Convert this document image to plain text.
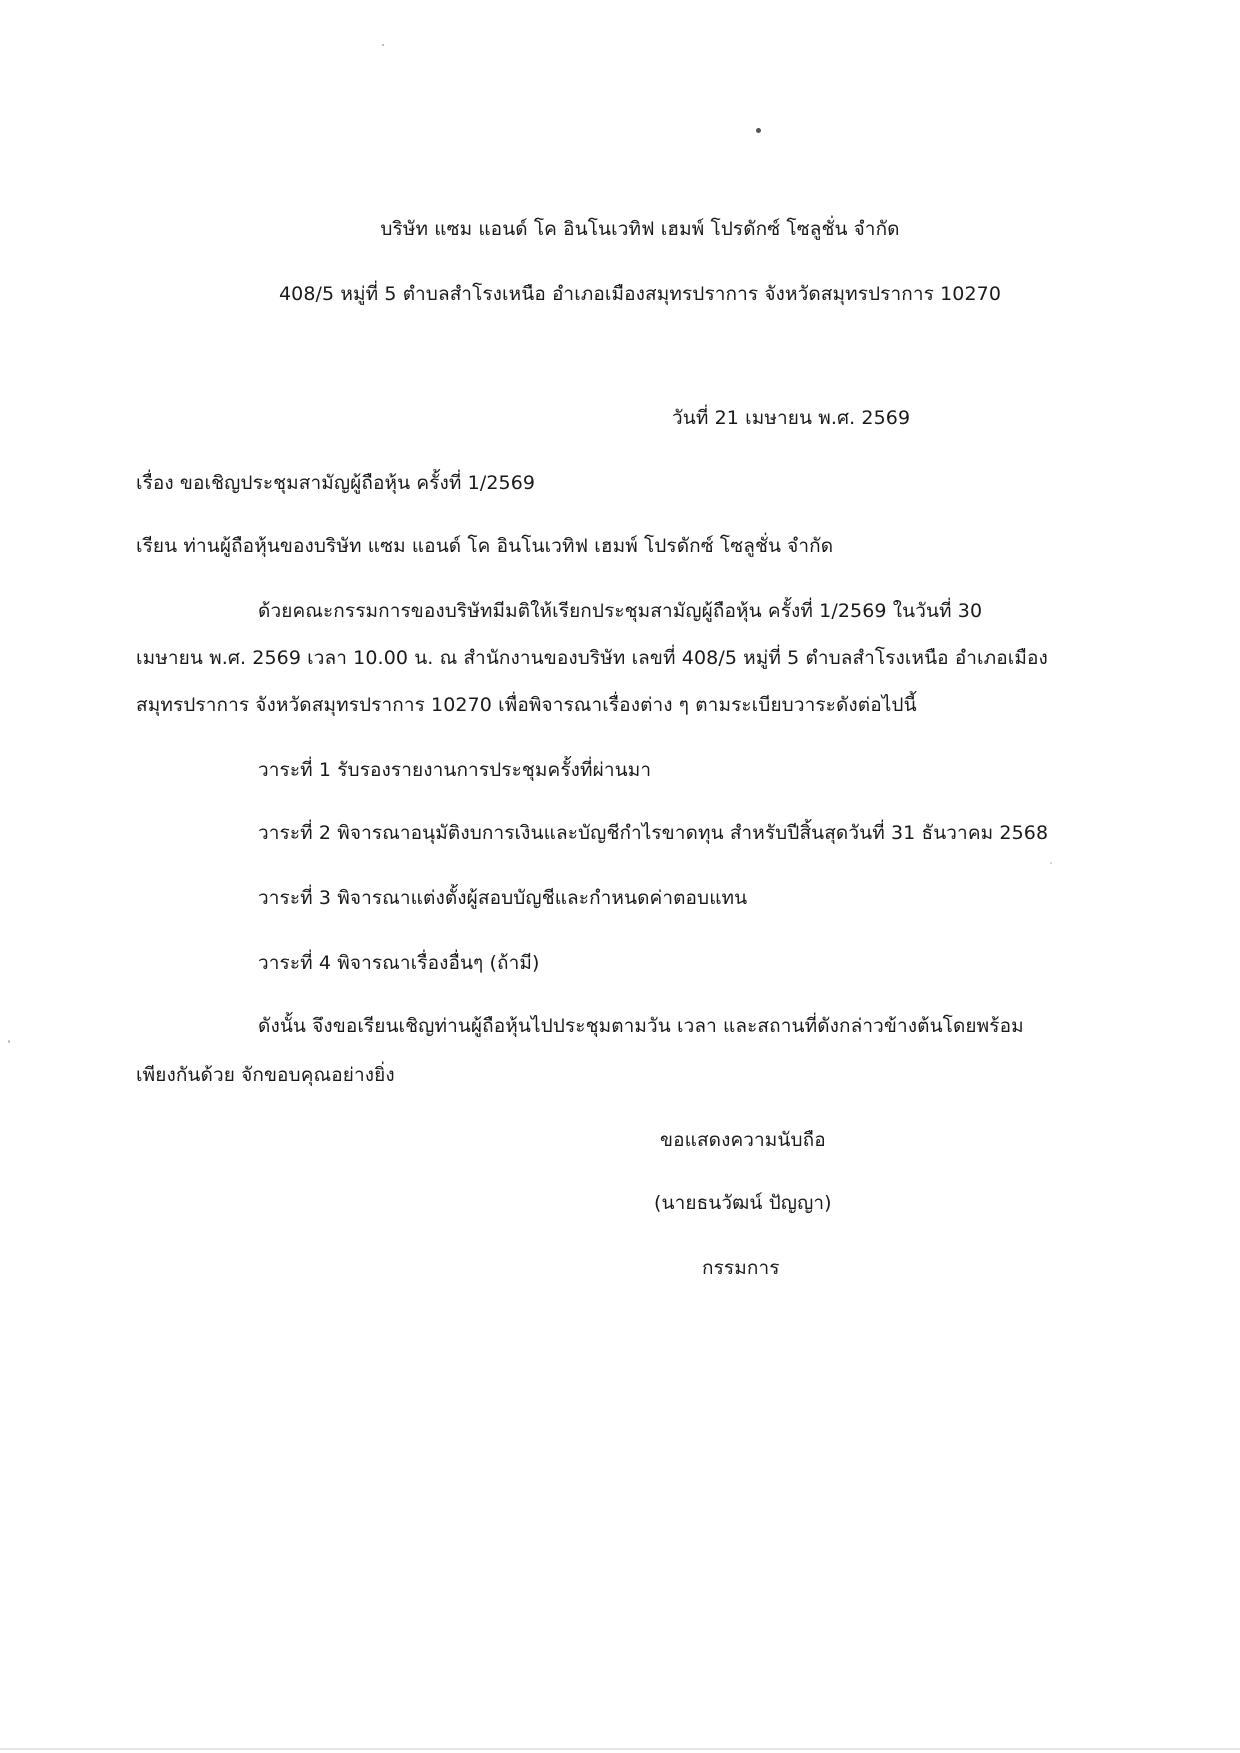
บริษัท แซม แอนด์ โค อินโนเวทิฟ เฮมพ์ โปรดักซ์ โซลูชั่น จำกัด
408/5 หมู่ที่ 5 ตำบลสำโรงเหนือ อำเภอเมืองสมุทรปราการ จังหวัดสมุทรปราการ 10270
วันที่ 21 เมษายน พ.ศ. 2569
เรื่อง ขอเชิญประชุมสามัญผู้ถือหุ้น ครั้งที่ 1/2569
เรียน ท่านผู้ถือหุ้นของบริษัท แซม แอนด์ โค อินโนเวทิฟ เฮมพ์ โปรดักซ์ โซลูชั่น จำกัด
ด้วยคณะกรรมการของบริษัทมีมติให้เรียกประชุมสามัญผู้ถือหุ้น ครั้งที่ 1/2569 ในวันที่ 30
เมษายน พ.ศ. 2569 เวลา 10.00 น. ณ สำนักงานของบริษัท เลขที่ 408/5 หมู่ที่ 5 ตำบลสำโรงเหนือ อำเภอเมือง
สมุทรปราการ จังหวัดสมุทรปราการ 10270 เพื่อพิจารณาเรื่องต่าง ๆ ตามระเบียบวาระดังต่อไปนี้
วาระที่ 1 รับรองรายงานการประชุมครั้งที่ผ่านมา
วาระที่ 2 พิจารณาอนุมัติงบการเงินและบัญชีกำไรขาดทุน สำหรับปีสิ้นสุดวันที่ 31 ธันวาคม 2568
วาระที่ 3 พิจารณาแต่งตั้งผู้สอบบัญชีและกำหนดค่าตอบแทน
วาระที่ 4 พิจารณาเรื่องอื่นๆ (ถ้ามี)
ดังนั้น จึงขอเรียนเชิญท่านผู้ถือหุ้นไปประชุมตามวัน เวลา และสถานที่ดังกล่าวข้างต้นโดยพร้อม
เพียงกันด้วย จักขอบคุณอย่างยิ่ง
ขอแสดงความนับถือ
(นายธนวัฒน์ ปัญญา)
กรรมการ
